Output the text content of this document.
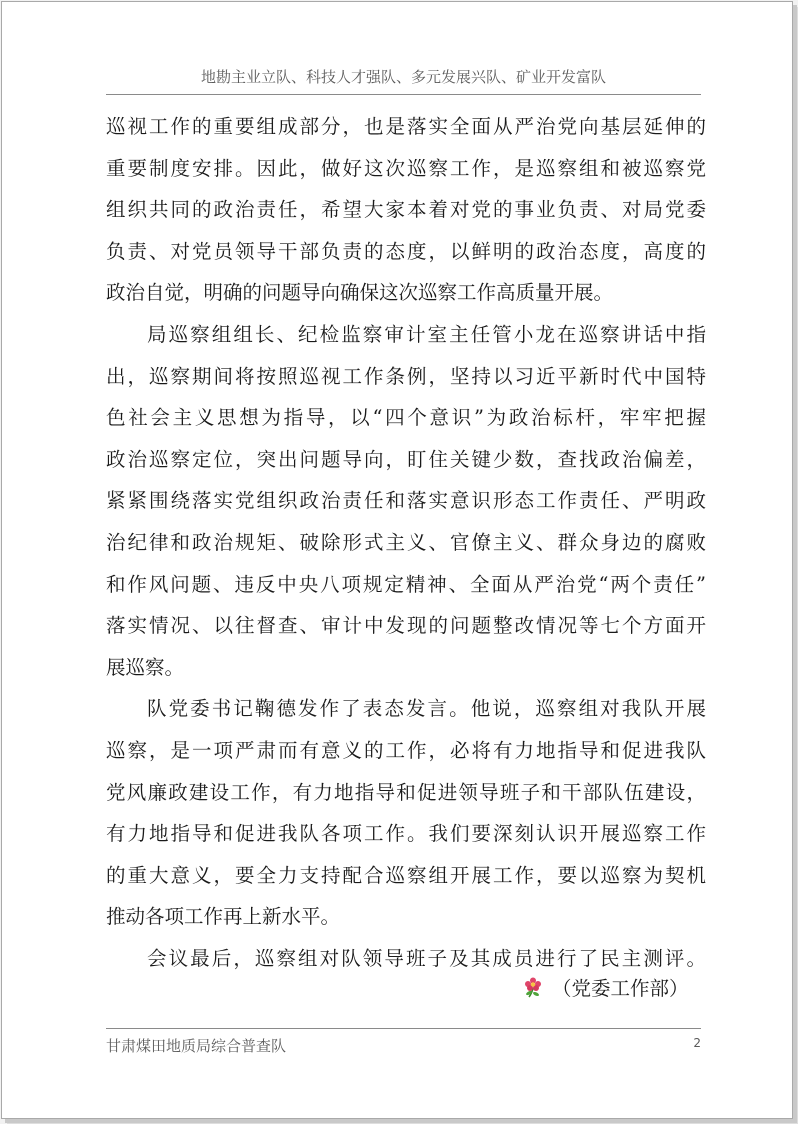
地勘主业立队、科技人才强队、多元发展兴队、矿业开发富队
巡视工作的重要组成部分，也是落实全面从严治党向基层延伸的
重要制度安排。因此，做好这次巡察工作，是巡察组和被巡察党
组织共同的政治责任，希望大家本着对党的事业负责、对局党委
负责、对党员领导干部负责的态度，以鲜明的政治态度，高度的
政治自觉，明确的问题导向确保这次巡察工作高质量开展。
局巡察组组长、纪检监察审计室主任管小龙在巡察讲话中指
出，巡察期间将按照巡视工作条例，坚持以习近平新时代中国特
色社会主义思想为指导，以“四个意识”为政治标杆，牢牢把握
政治巡察定位，突出问题导向，盯住关键少数，查找政治偏差，
紧紧围绕落实党组织政治责任和落实意识形态工作责任、严明政
治纪律和政治规矩、破除形式主义、官僚主义、群众身边的腐败
和作风问题、违反中央八项规定精神、全面从严治党“两个责任”
落实情况、以往督查、审计中发现的问题整改情况等七个方面开
展巡察。
队党委书记鞠德发作了表态发言。他说，巡察组对我队开展
巡察，是一项严肃而有意义的工作，必将有力地指导和促进我队
党风廉政建设工作，有力地指导和促进领导班子和干部队伍建设，
有力地指导和促进我队各项工作。我们要深刻认识开展巡察工作
的重大意义，要全力支持配合巡察组开展工作，要以巡察为契机
推动各项工作再上新水平。
会议最后，巡察组对队领导班子及其成员进行了民主测评。
（党委工作部）
甘肃煤田地质局综合普查队	2
